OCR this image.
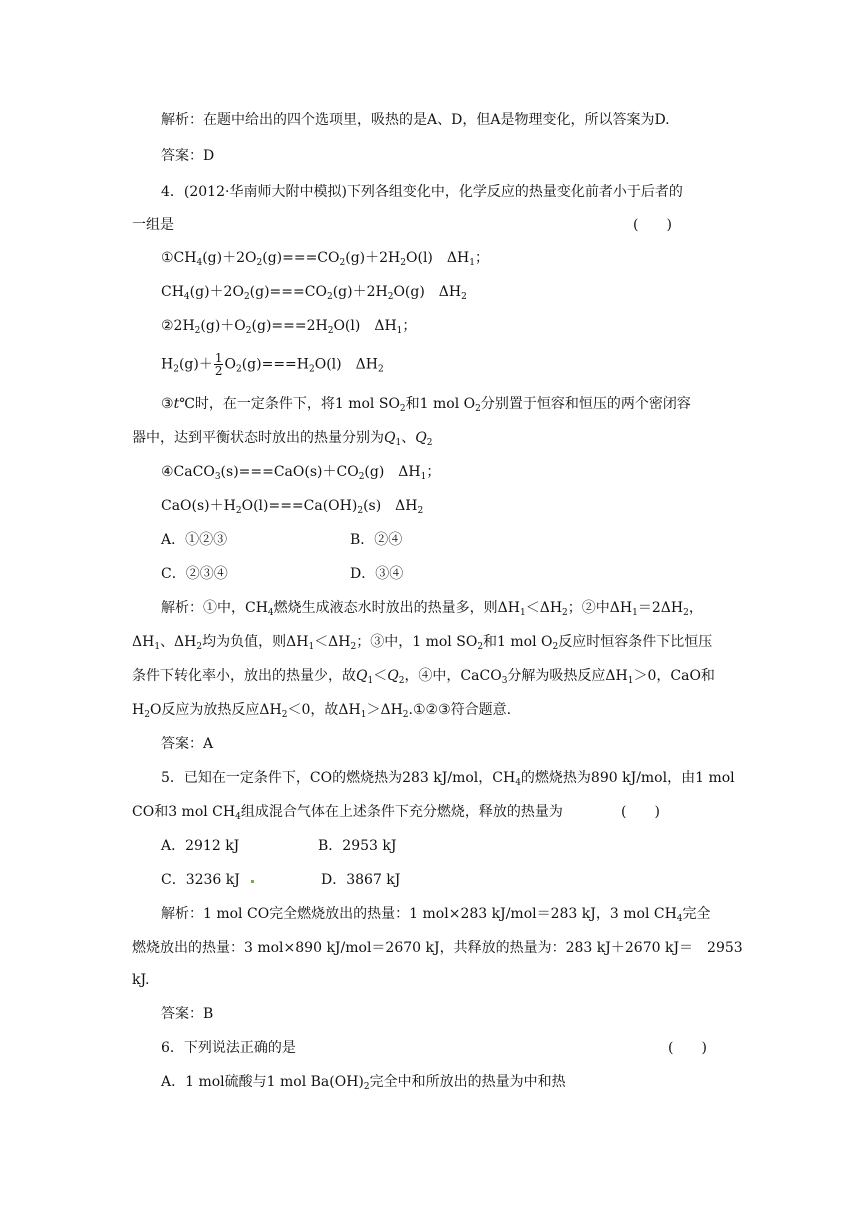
解析：在题中给出的四个选项里，吸热的是A、D，但A是物理变化，所以答案为D.
答案：D
4．(2012·华南师大附中模拟)下列各组变化中，化学反应的热量变化前者小于后者的
一组是	(　　)
$①CH_4(g)+2O_2(g)===CO_2(g)+2H_2O(l)$　$\Delta H_1$；
$CH_4(g)+2O_2(g)===CO_2(g)+2H_2O(g)$　$\Delta H_2$
$②2H_2(g)+O_2(g)===2H_2O(l)$　$\Delta H_1$；
$H_2(g)+ \frac{1}{2} O_2(g)===H_2O(l)$　$\Delta H_2$
③t℃时，在一定条件下，将1 mol $SO_2$和1 mol $O_2$分别置于恒容和恒压的两个密闭容
器中，达到平衡状态时放出的热量分别为$Q_1$、$Q_2$
$④CaCO_3(s)===CaO(s)+CO_2(g)$　$\Delta H_1$；
$CaO(s)+H_2O(l)===Ca(OH)_2(s)$　$\Delta H_2$
A．①②③	B．②④
C．②③④	D．③④
解析：①中，$CH_4$燃烧生成液态水时放出的热量多，则$\Delta H_1<\Delta H_2$；②中$\Delta H_1=2\Delta H_2$，
$\Delta H_1$、$\Delta H_2$均为负值，则$\Delta H_1<\Delta H_2$；③中，1 mol $SO_2$和1 mol $O_2$反应时恒容条件下比恒压
条件下转化率小，放出的热量少，故$Q_1<Q_2$，④中，CaCO$_3$分解为吸热反应$\Delta H_1>0$，CaO和
$H_2O$反应为放热反应$\Delta H_2<0$，故$\Delta H_1>\Delta H_2.①②③$符合题意.
答案：A
5．已知在一定条件下，CO的燃烧热为283 kJ/mol，$CH_4$的燃烧热为890 kJ/mol，由1 mol
CO和3 mol $CH_4$组成混合气体在上述条件下充分燃烧，释放的热量为	(　　)
A．2912 kJ	B．2953 kJ
C．3236 kJ	D．3867 kJ
解析：1 mol CO完全燃烧放出的热量：1 mol×283 kJ/mol＝283 kJ，3 mol $CH_4$完全
燃烧放出的热量：3 mol×890 kJ/mol＝2670 kJ，共释放的热量为：283 kJ＋2670 kJ＝　2953
kJ.
答案：B
6．下列说法正确的是	(　　)
A．1 mol硫酸与1 mol $Ba(OH)_2$完全中和所放出的热量为中和热
